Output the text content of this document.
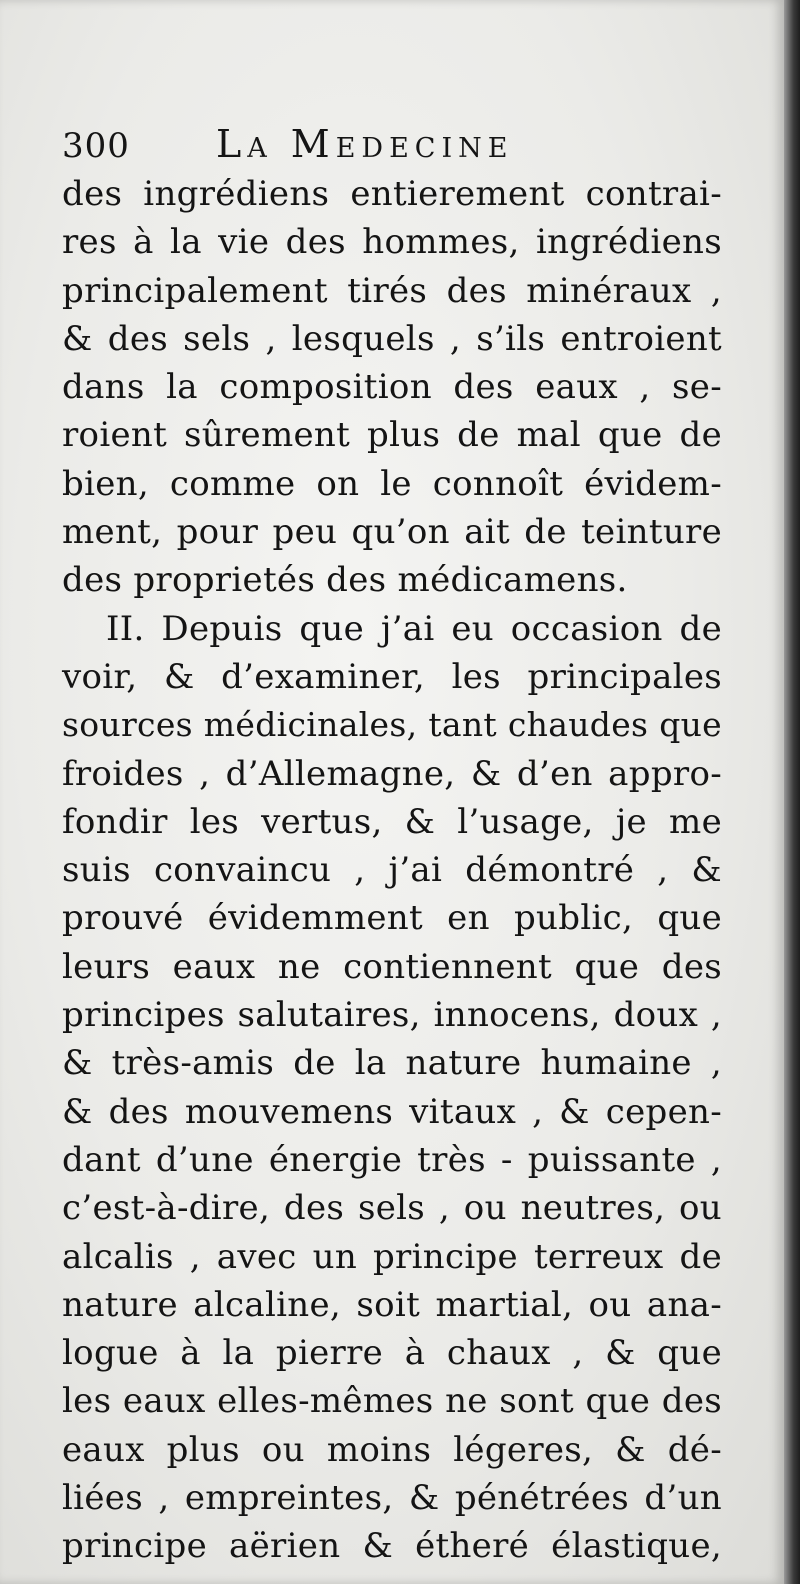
300 La Medecine
des ingrédiens entierement contrai-
res à la vie des hommes, ingrédiens
principalement tirés des minéraux ,
& des sels , lesquels , s’ils entroient
dans la composition des eaux , se-
roient sûrement plus de mal que de
bien, comme on le connoît évidem-
ment, pour peu qu’on ait de teinture
des proprietés des médicamens.
II. Depuis que j’ai eu occasion de
voir, & d’examiner, les principales
sources médicinales, tant chaudes que
froides , d’Allemagne, & d’en appro-
fondir les vertus, & l’usage, je me
suis convaincu , j’ai démontré , &
prouvé évidemment en public, que
leurs eaux ne contiennent que des
principes salutaires, innocens, doux ,
& très-amis de la nature humaine ,
& des mouvemens vitaux , & cepen-
dant d’une énergie très - puissante ,
c’est-à-dire, des sels , ou neutres, ou
alcalis , avec un principe terreux de
nature alcaline, soit martial, ou ana-
logue à la pierre à chaux , & que
les eaux elles-mêmes ne sont que des
eaux plus ou moins légeres, & dé-
liées , empreintes, & pénétrées d’un
principe aërien & étheré élastique,
